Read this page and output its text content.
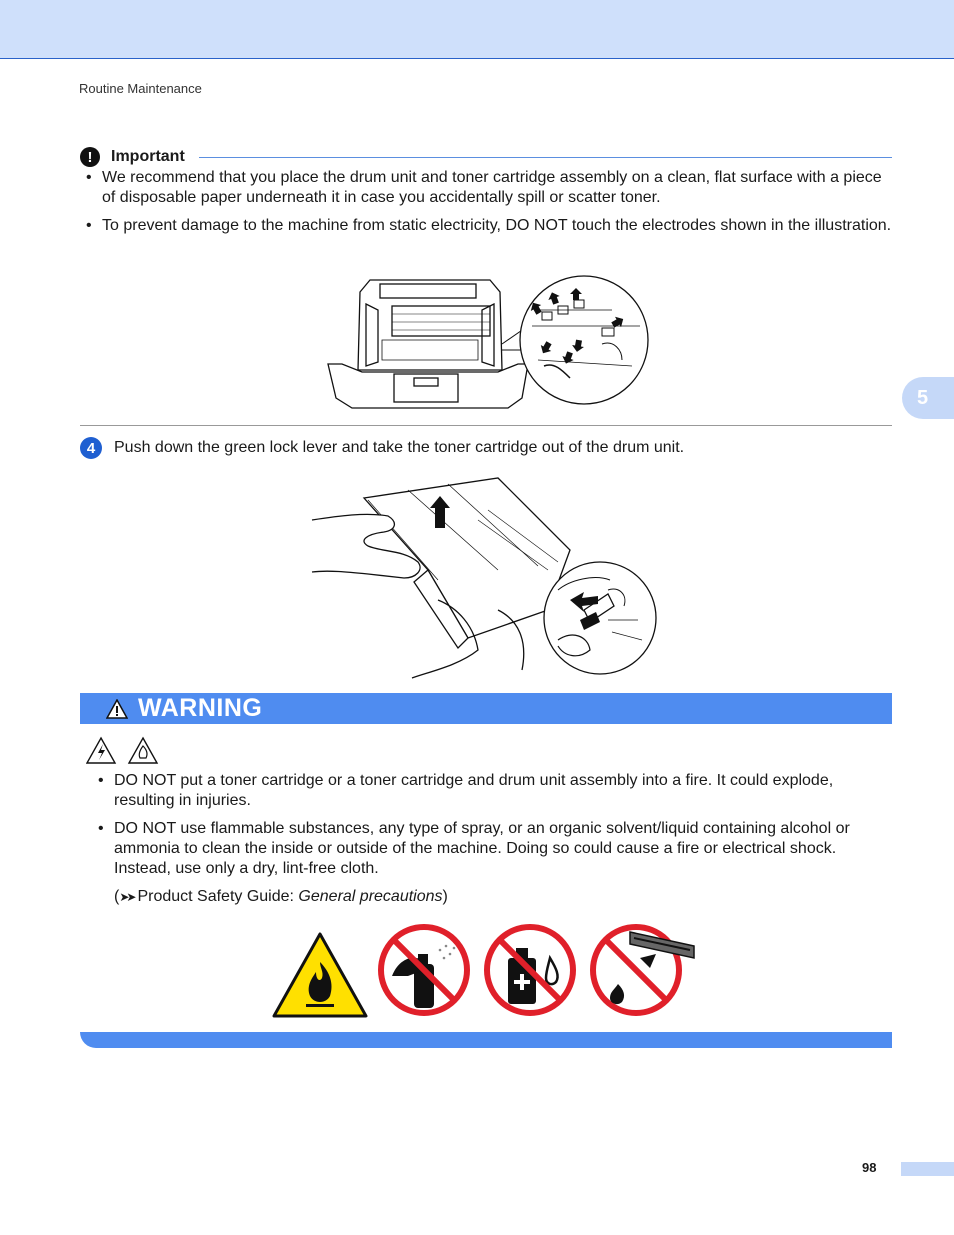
Routine Maintenance
5
!	Important
• We recommend that you place the drum unit and toner cartridge assembly on a clean, flat surface with a piece of disposable paper underneath it in case you accidentally spill or scatter toner.
• To prevent damage to the machine from static electricity, DO NOT touch the electrodes shown in the illustration.
4	Push down the green lock lever and take the toner cartridge out of the drum unit.
WARNING
• DO NOT put a toner cartridge or a toner cartridge and drum unit assembly into a fire. It could explode, resulting in injuries.
• DO NOT use flammable substances, any type of spray, or an organic solvent/liquid containing alcohol or ammonia to clean the inside or outside of the machine. Doing so could cause a fire or electrical shock. Instead, use only a dry, lint-free cloth.
(➤➤ Product Safety Guide: General precautions)
98
